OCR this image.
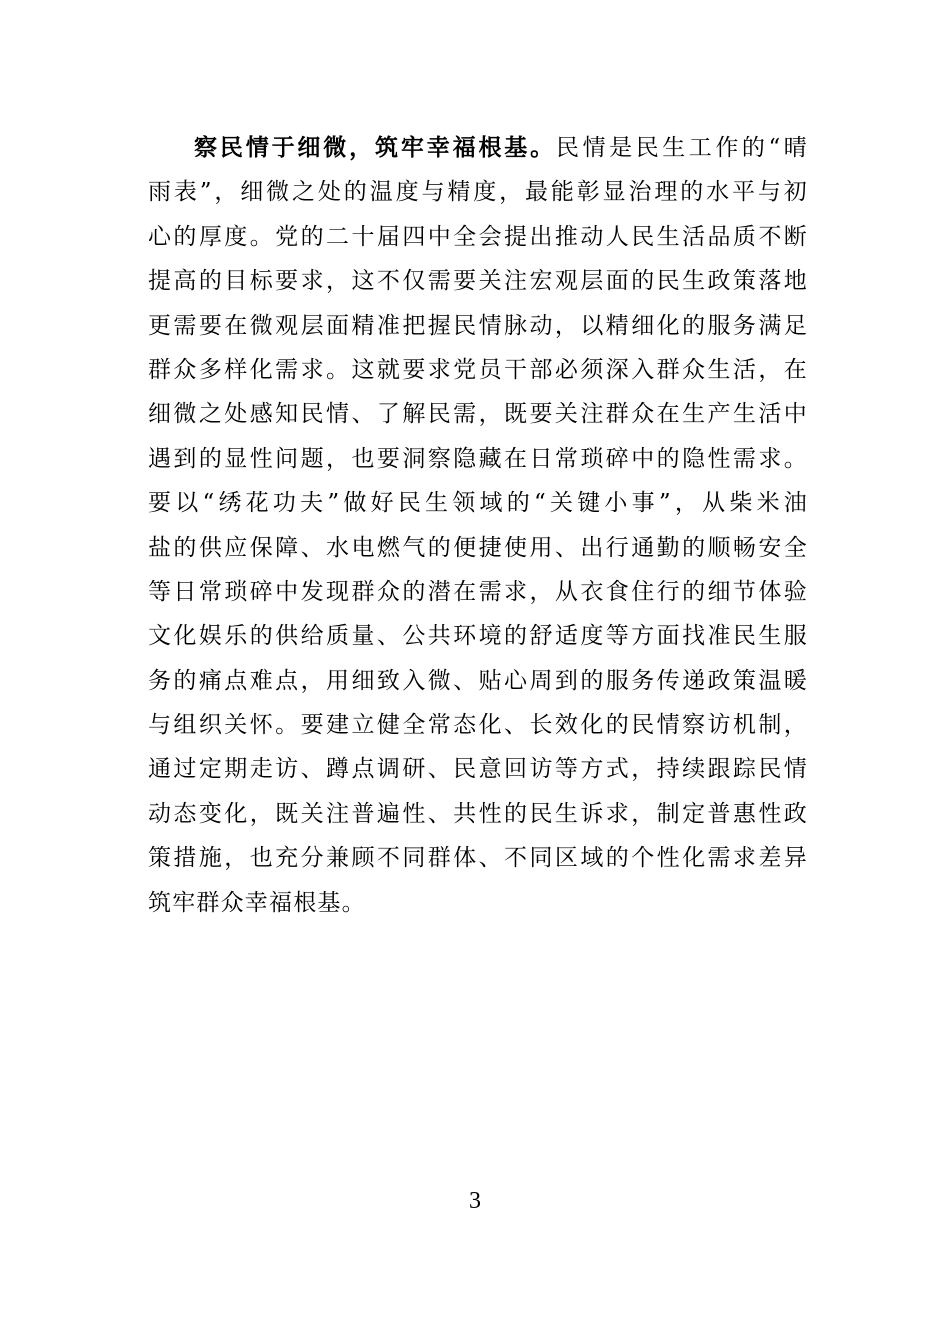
察民情于细微，筑牢幸福根基。民情是民生工作的“晴
雨表”，细微之处的温度与精度，最能彰显治理的水平与初
心的厚度。党的二十届四中全会提出推动人民生活品质不断
提高的目标要求，这不仅需要关注宏观层面的民生政策落地
更需要在微观层面精准把握民情脉动，以精细化的服务满足
群众多样化需求。这就要求党员干部必须深入群众生活，在
细微之处感知民情、了解民需，既要关注群众在生产生活中
遇到的显性问题，也要洞察隐藏在日常琐碎中的隐性需求。
要以“绣花功夫”做好民生领域的“关键小事”，从柴米油
盐的供应保障、水电燃气的便捷使用、出行通勤的顺畅安全
等日常琐碎中发现群众的潜在需求，从衣食住行的细节体验
文化娱乐的供给质量、公共环境的舒适度等方面找准民生服
务的痛点难点，用细致入微、贴心周到的服务传递政策温暖
与组织关怀。要建立健全常态化、长效化的民情察访机制，
通过定期走访、蹲点调研、民意回访等方式，持续跟踪民情
动态变化，既关注普遍性、共性的民生诉求，制定普惠性政
策措施，也充分兼顾不同群体、不同区域的个性化需求差异
筑牢群众幸福根基。
3
